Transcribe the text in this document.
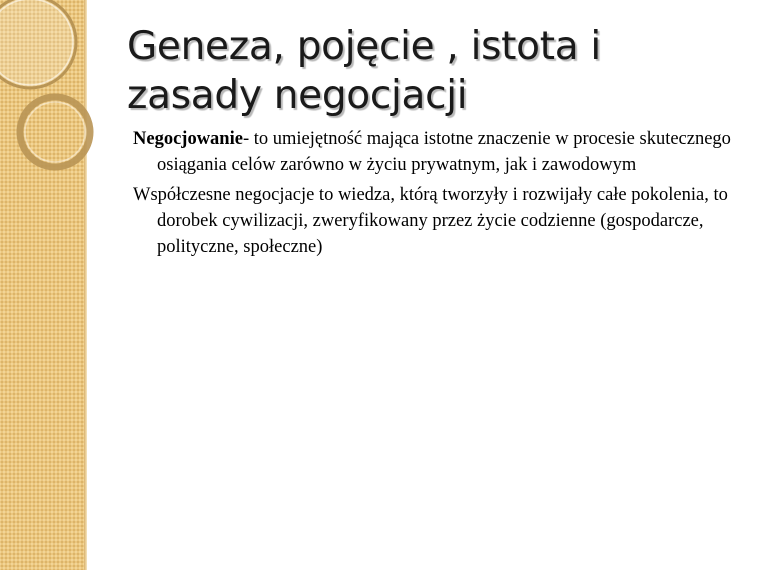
Geneza, pojęcie , istota i zasady negocjacji

Negocjowanie- to umiejętność mająca istotne znaczenie w procesie skutecznego osiągania celów zarówno w życiu prywatnym, jak i zawodowym

Współczesne negocjacje to wiedza, którą tworzyły i rozwijały całe pokolenia, to dorobek cywilizacji, zweryfikowany przez życie codzienne (gospodarcze, polityczne, społeczne)
